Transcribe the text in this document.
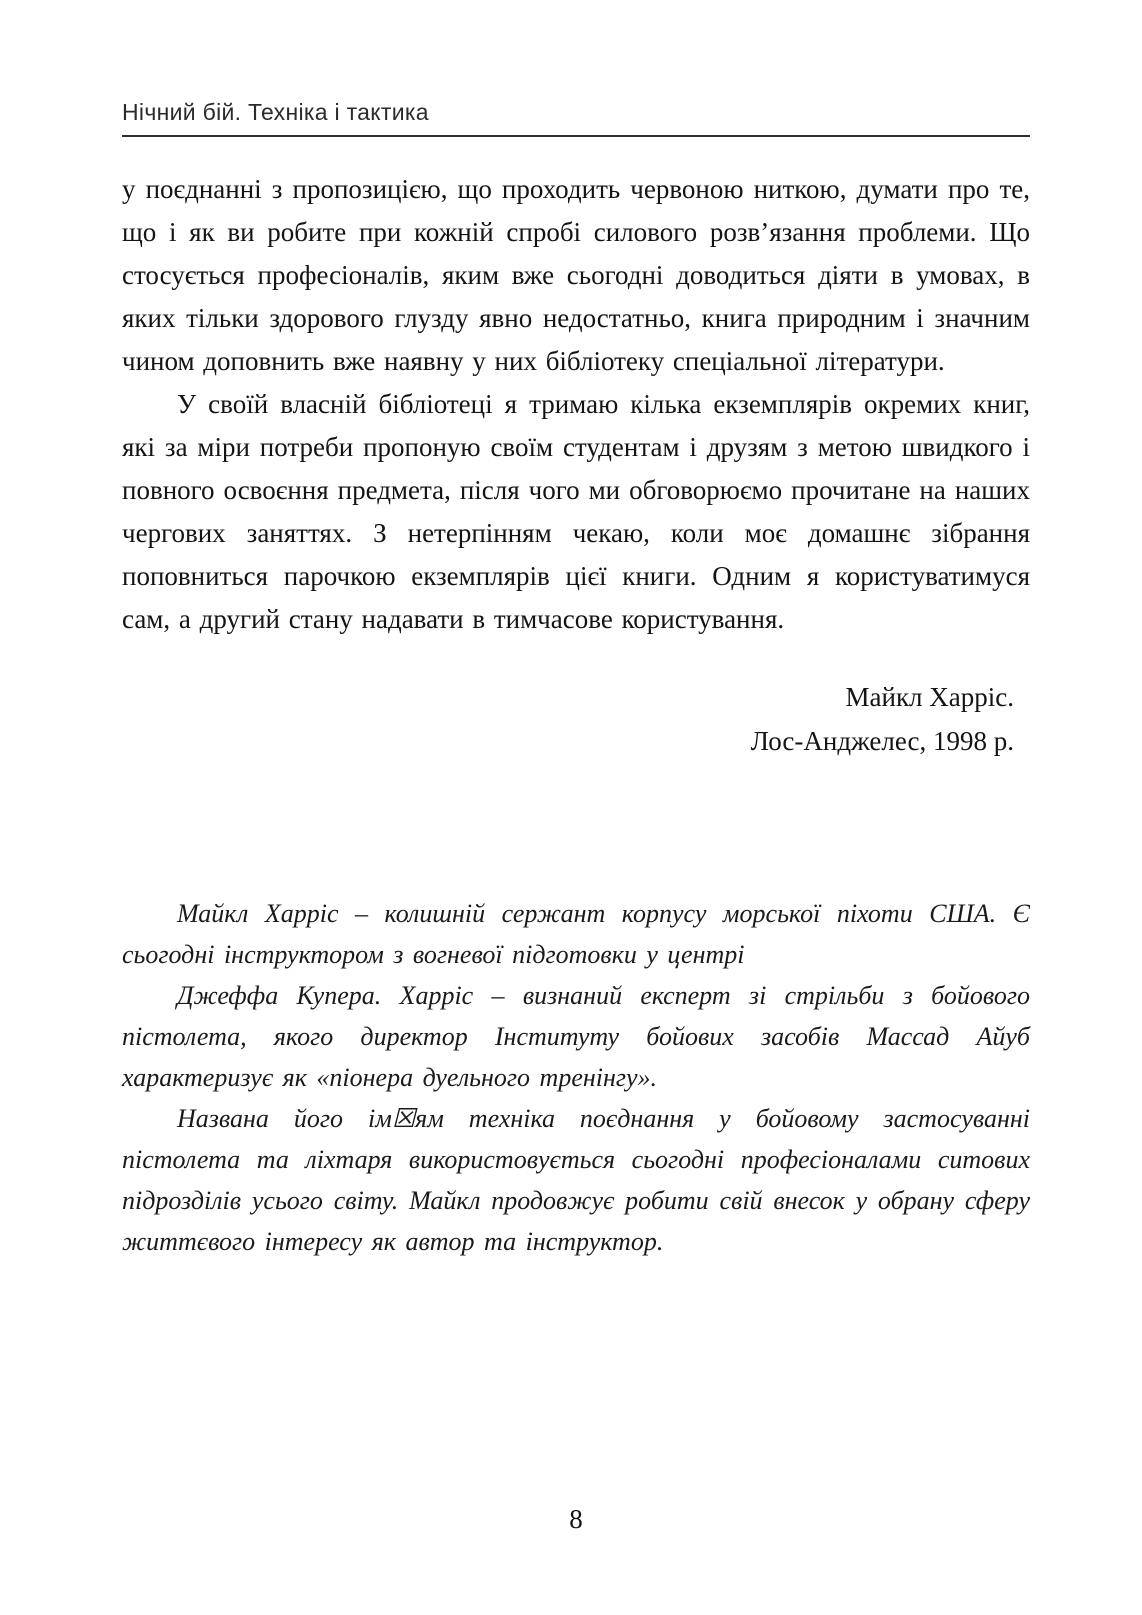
Нічний бій. Техніка і тактика

у поєднанні з пропозицією, що проходить червоною ниткою, думати про те, що і як ви робите при кожній спробі силового розв’язання проблеми. Що стосується професіоналів, яким вже сьогодні доводиться діяти в умовах, в яких тільки здорового глузду явно недостатньо, книга природним і значним чином доповнить вже наявну у них бібліотеку спеціальної літератури.

У своїй власній бібліотеці я тримаю кілька екземплярів окремих книг, які за міри потреби пропоную своїм студентам і друзям з метою швидкого і повного освоєння предмета, після чого ми обговорюємо прочитане на наших чергових заняттях. З нетерпінням чекаю, коли моє домашнє зібрання поповниться парочкою екземплярів цієї книги. Одним я користуватимуся сам, а другий стану надавати в тимчасове користування.

Майкл Харріс.
Лос-Анджелес, 1998 р.

Майкл Харріс – колишній сержант корпусу морської піхоти США. Є сьогодні інструктором з вогневої підготовки у центрі

Джеффа Купера. Харріс – визнаний експерт зі стрільби з бойового пістолета, якого директор Інституту бойових засобів Массад Айуб характеризує як «піонера дуельного тренінгу».

Названа його ім☒ям техніка поєднання у бойовому застосуванні пістолета та ліхтаря використовується сьогодні професіоналами ситових підрозділів усього світу. Майкл продовжує робити свій внесок у обрану сферу життєвого інтересу як автор та інструктор.

8
